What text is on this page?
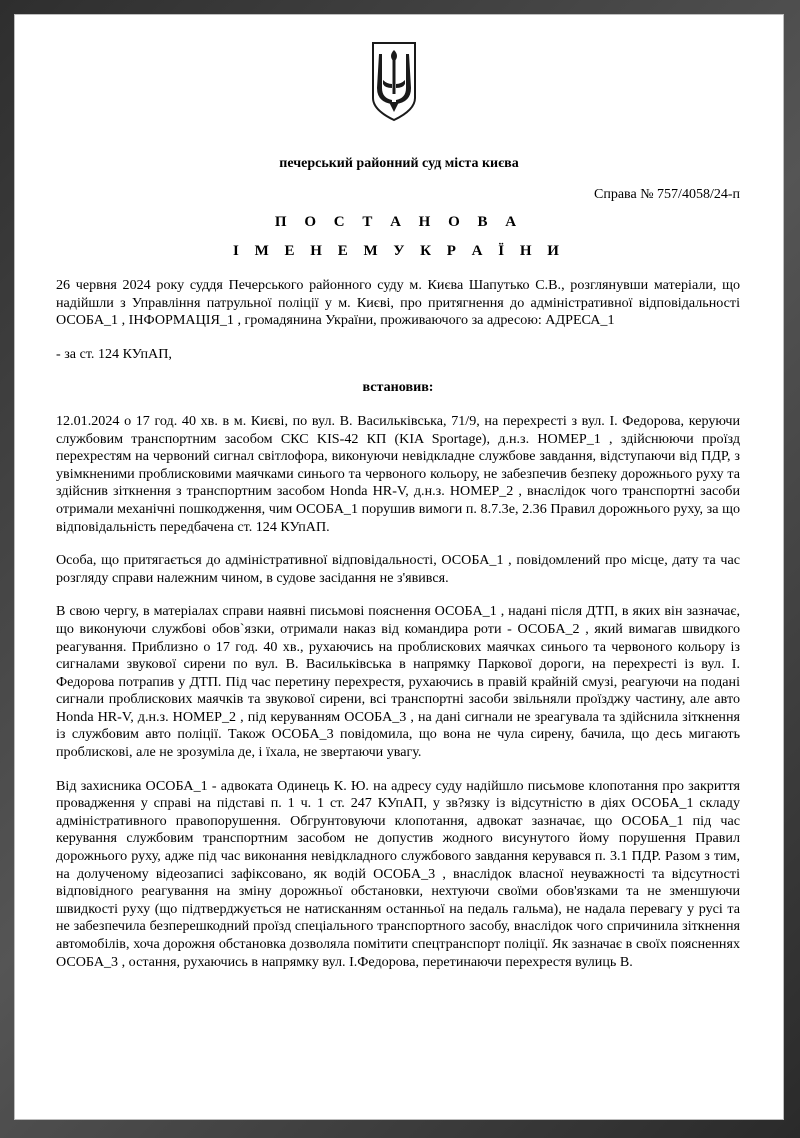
печерський районний суд міста києва
Справа № 757/4058/24-п
П О С Т А Н О В А
І М Е Н Е М У К Р А Ї Н И

26 червня 2024 року суддя Печерського районного суду м. Києва Шапутько С.В., розглянувши матеріали, що надійшли з Управління патрульної поліції у м. Києві, про притягнення до адміністративної відповідальності ОСОБА_1 , ІНФОРМАЦІЯ_1 , громадянина України, проживаючого за адресою: АДРЕСА_1

- за ст. 124 КУпАП,

встановив:

12.01.2024 о 17 год. 40 хв. в м. Києві, по вул. В. Васильківська, 71/9, на перехресті з вул. І. Федорова, керуючи службовим транспортним засобом СКС KIS-42 КП (KIA Sportage), д.н.з. НОМЕР_1 , здійснюючи проїзд перехрестям на червоний сигнал світлофора, виконуючи невідкладне службове завдання, відступаючи від ПДР, з увімкненими проблисковими маячками синього та червоного кольору, не забезпечив безпеку дорожнього руху та здійснив зіткнення з транспортним засобом Honda HR-V, д.н.з. НОМЕР_2 , внаслідок чого транспортні засоби отримали механічні пошкодження, чим ОСОБА_1 порушив вимоги п. 8.7.3е, 2.36 Правил дорожнього руху, за що відповідальність передбачена ст. 124 КУпАП.

Особа, що притягається до адміністративної відповідальності, ОСОБА_1 , повідомлений про місце, дату та час розгляду справи належним чином, в судове засідання не з'явився.

В свою чергу, в матеріалах справи наявні письмові пояснення ОСОБА_1 , надані після ДТП, в яких він зазначає, що виконуючи службові обов`язки, отримали наказ від командира роти - ОСОБА_2 , який вимагав швидкого реагування. Приблизно о 17 год. 40 хв., рухаючись на проблискових маячках синього та червоного кольору із сигналами звукової сирени по вул. В. Васильківська в напрямку Паркової дороги, на перехресті із вул. І. Федорова потрапив у ДТП. Під час перетину перехрестя, рухаючись в правій крайній смузі, реагуючи на подані сигнали проблискових маячків та звукової сирени, всі транспортні засоби звільняли проїзджу частину, але авто Honda HR-V, д.н.з. НОМЕР_2 , під керуванням ОСОБА_3 , на дані сигнали не зреагувала та здійснила зіткнення із службовим авто поліції. Також ОСОБА_3 повідомила, що вона не чула сирену, бачила, що десь мигають проблискові, але не зрозуміла де, і їхала, не звертаючи увагу.

Від захисника ОСОБА_1 - адвоката Одинець К. Ю. на адресу суду надійшло письмове клопотання про закриття провадження у справі на підставі п. 1 ч. 1 ст. 247 КУпАП, у зв?язку із відсутністю в діях ОСОБА_1 складу адміністративного правопорушення. Обгрунтовуючи клопотання, адвокат зазначає, що ОСОБА_1 під час керування службовим транспортним засобом не допустив жодного висунутого йому порушення Правил дорожнього руху, адже під час виконання невідкладного службового завдання керувався п. 3.1 ПДР. Разом з тим, на долученому відеозаписі зафіксовано, як водій ОСОБА_3 , внаслідок власної неуважності та відсутності відповідного реагування на зміну дорожньої обстановки, нехтуючи своїми обов'язками та не зменшуючи швидкості руху (що підтверджується не натисканням останньої на педаль гальма), не надала перевагу у русі та не забезпечила безперешкодний проїзд спеціального транспортного засобу, внаслідок чого спричинила зіткнення автомобілів, хоча дорожня обстановка дозволяла помітити спецтранспорт поліції. Як зазначає в своїх поясненнях ОСОБА_3 , остання, рухаючись в напрямку вул. І.Федорова, перетинаючи перехрестя вулиць В.
